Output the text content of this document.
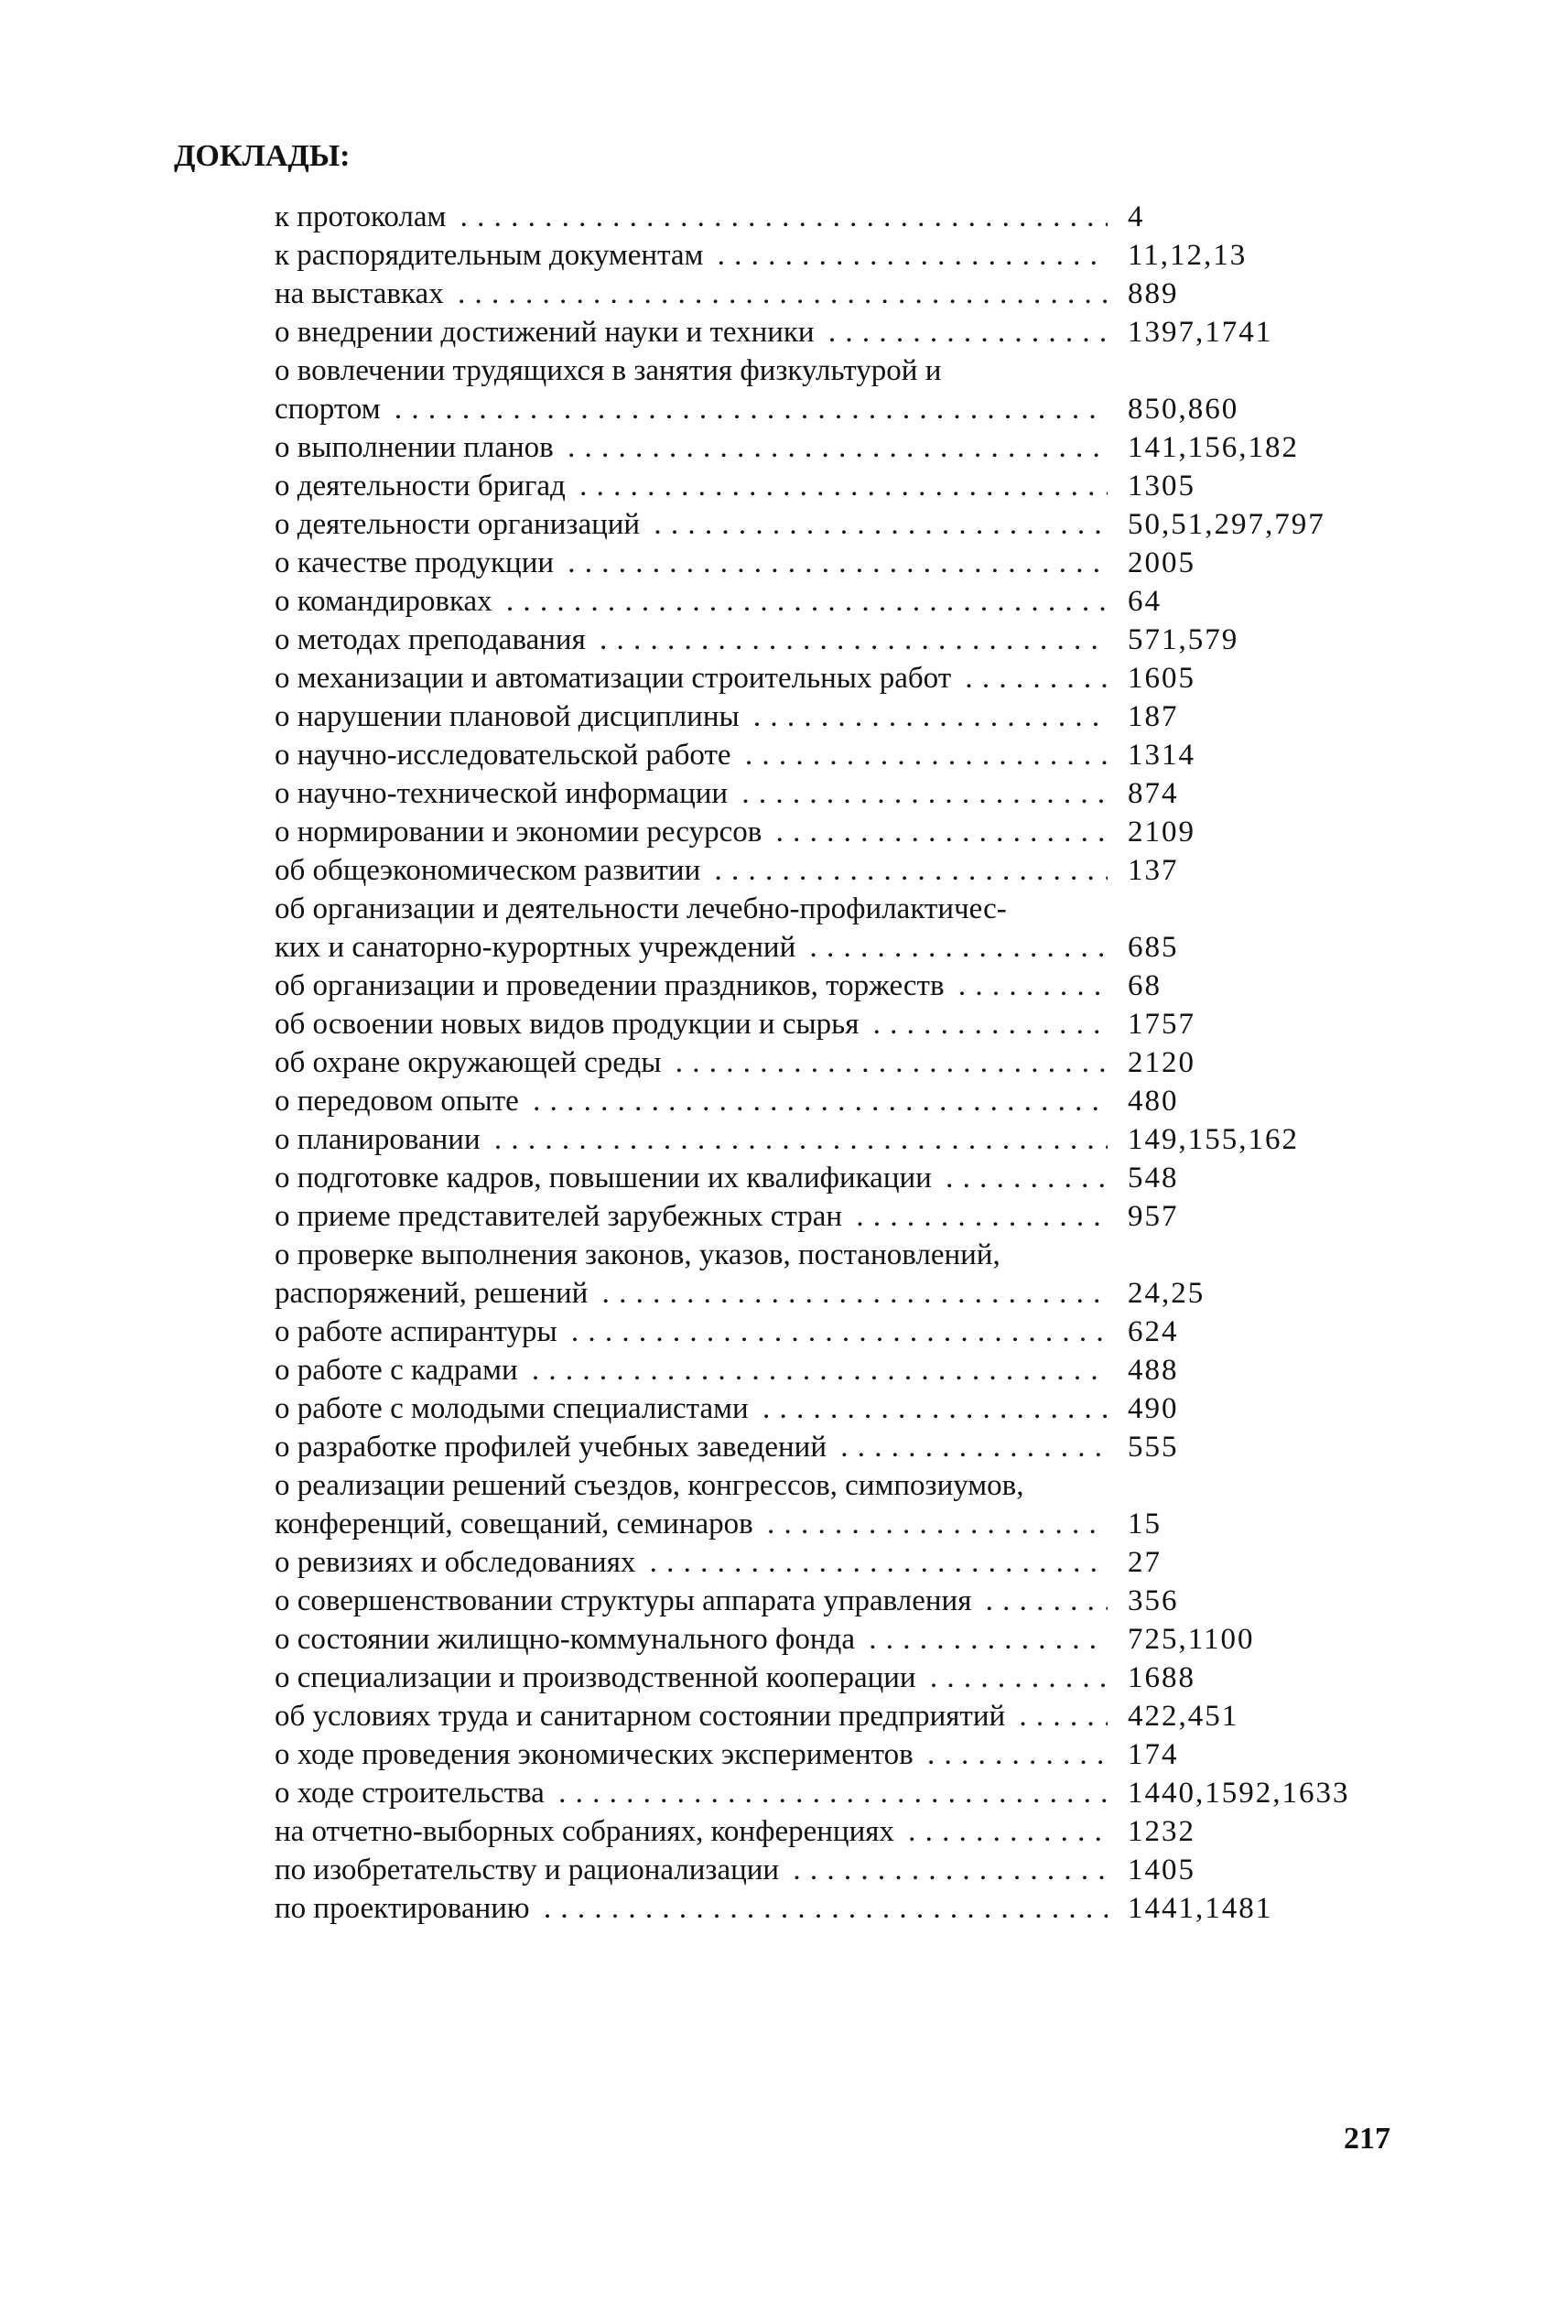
ДОКЛАДЫ:
к протоколам . . .	4
к распорядительным документам . . .	11,12,13
на выставках . . .	889
о внедрении достижений науки и техники . . .	1397,1741
о вовлечении трудящихся в занятия физкультурой и
спортом . . .	850,860
о выполнении планов . . .	141,156,182
о деятельности бригад . . .	1305
о деятельности организаций . . .	50,51,297,797
о качестве продукции . . .	2005
о командировках . . .	64
о методах преподавания . . .	571,579
о механизации и автоматизации строительных работ . . .	1605
о нарушении плановой дисциплины . . .	187
о научно-исследовательской работе . . .	1314
о научно-технической информации . . .	874
о нормировании и экономии ресурсов . . .	2109
об общеэкономическом развитии . . .	137
об организации и деятельности лечебно-профилактичес-
ких и санаторно-курортных учреждений . . .	685
об организации и проведении праздников, торжеств . . .	68
об освоении новых видов продукции и сырья . . .	1757
об охране окружающей среды . . .	2120
о передовом опыте . . .	480
о планировании . . .	149,155,162
о подготовке кадров, повышении их квалификации . . .	548
о приеме представителей зарубежных стран . . .	957
о проверке выполнения законов, указов, постановлений,
распоряжений, решений . . .	24,25
о работе аспирантуры . . .	624
о работе с кадрами . . .	488
о работе с молодыми специалистами . . .	490
о разработке профилей учебных заведений . . .	555
о реализации решений съездов, конгрессов, симпозиумов,
конференций, совещаний, семинаров . . .	15
о ревизиях и обследованиях . . .	27
о совершенствовании структуры аппарата управления . . .	356
о состоянии жилищно-коммунального фонда . . .	725,1100
о специализации и производственной кооперации . . .	1688
об условиях труда и санитарном состоянии предприятий . . .	422,451
о ходе проведения экономических экспериментов . . .	174
о ходе строительства . . .	1440,1592,1633
на отчетно-выборных собраниях, конференциях . . .	1232
по изобретательству и рационализации . . .	1405
по проектированию . . .	1441,1481
217
